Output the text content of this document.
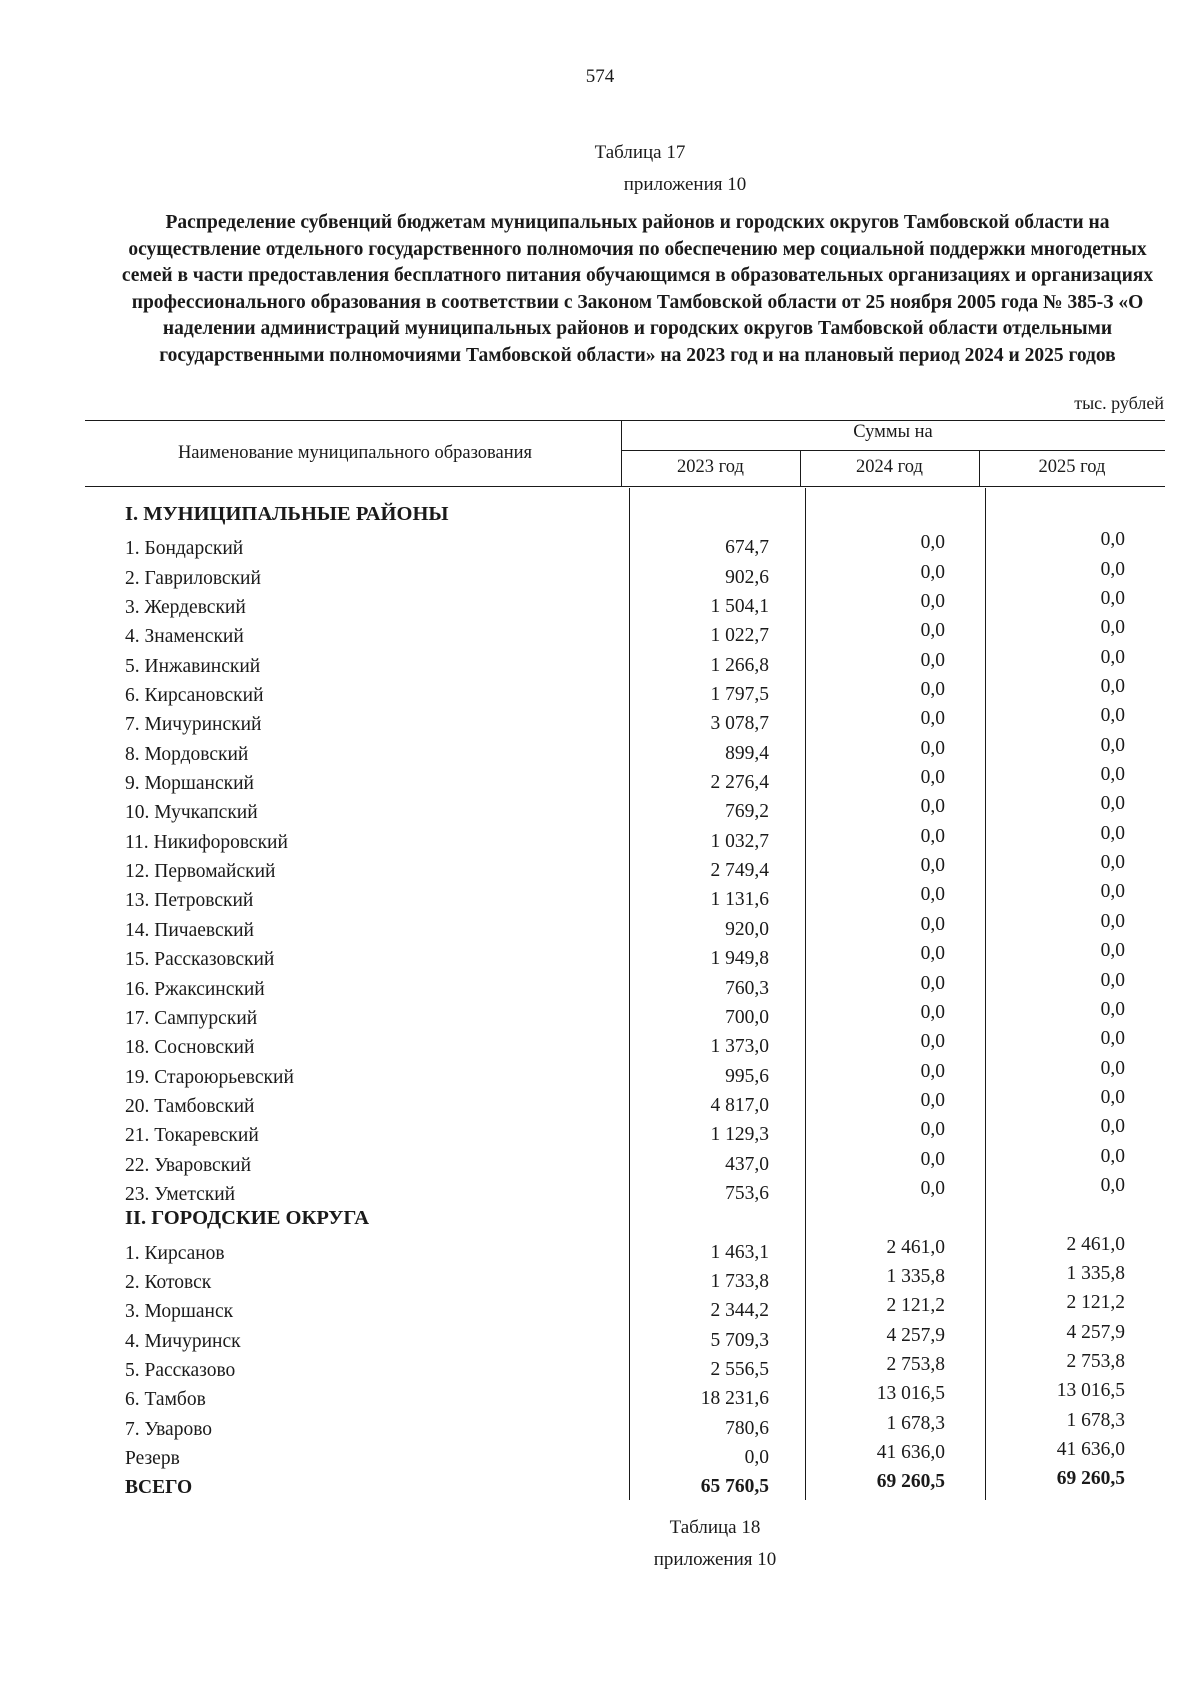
574
Таблица 17
приложения 10
Распределение субвенций бюджетам муниципальных районов и городских округов Тамбовской области на осуществление отдельного государственного полномочия по обеспечению мер социальной поддержки многодетных семей в части предоставления бесплатного питания обучающимся в образовательных организациях и организациях профессионального образования в соответствии с Законом Тамбовской области от 25 ноября 2005 года № 385-З «О наделении администраций муниципальных районов и городских округов Тамбовской области отдельными государственными полномочиями Тамбовской области» на 2023 год и на плановый период 2024 и 2025 годов
тыс. рублей
Наименование муниципального образования
Суммы на
2023 год	2024 год	2025 год
I. МУНИЦИПАЛЬНЫЕ РАЙОНЫ
1. Бондарский	674,7	0,0	0,0
2. Гавриловский	902,6	0,0	0,0
3. Жердевский	1 504,1	0,0	0,0
4. Знаменский	1 022,7	0,0	0,0
5. Инжавинский	1 266,8	0,0	0,0
6. Кирсановский	1 797,5	0,0	0,0
7. Мичуринский	3 078,7	0,0	0,0
8. Мордовский	899,4	0,0	0,0
9. Моршанский	2 276,4	0,0	0,0
10. Мучкапский	769,2	0,0	0,0
11. Никифоровский	1 032,7	0,0	0,0
12. Первомайский	2 749,4	0,0	0,0
13. Петровский	1 131,6	0,0	0,0
14. Пичаевский	920,0	0,0	0,0
15. Рассказовский	1 949,8	0,0	0,0
16. Ржаксинский	760,3	0,0	0,0
17. Сампурский	700,0	0,0	0,0
18. Сосновский	1 373,0	0,0	0,0
19. Староюрьевский	995,6	0,0	0,0
20. Тамбовский	4 817,0	0,0	0,0
21. Токаревский	1 129,3	0,0	0,0
22. Уваровский	437,0	0,0	0,0
23. Уметский	753,6	0,0	0,0
II. ГОРОДСКИЕ ОКРУГА
1. Кирсанов	1 463,1	2 461,0	2 461,0
2. Котовск	1 733,8	1 335,8	1 335,8
3. Моршанск	2 344,2	2 121,2	2 121,2
4. Мичуринск	5 709,3	4 257,9	4 257,9
5. Рассказово	2 556,5	2 753,8	2 753,8
6. Тамбов	18 231,6	13 016,5	13 016,5
7. Уварово	780,6	1 678,3	1 678,3
Резерв	0,0	41 636,0	41 636,0
ВСЕГО	65 760,5	69 260,5	69 260,5
Таблица 18
приложения 10
